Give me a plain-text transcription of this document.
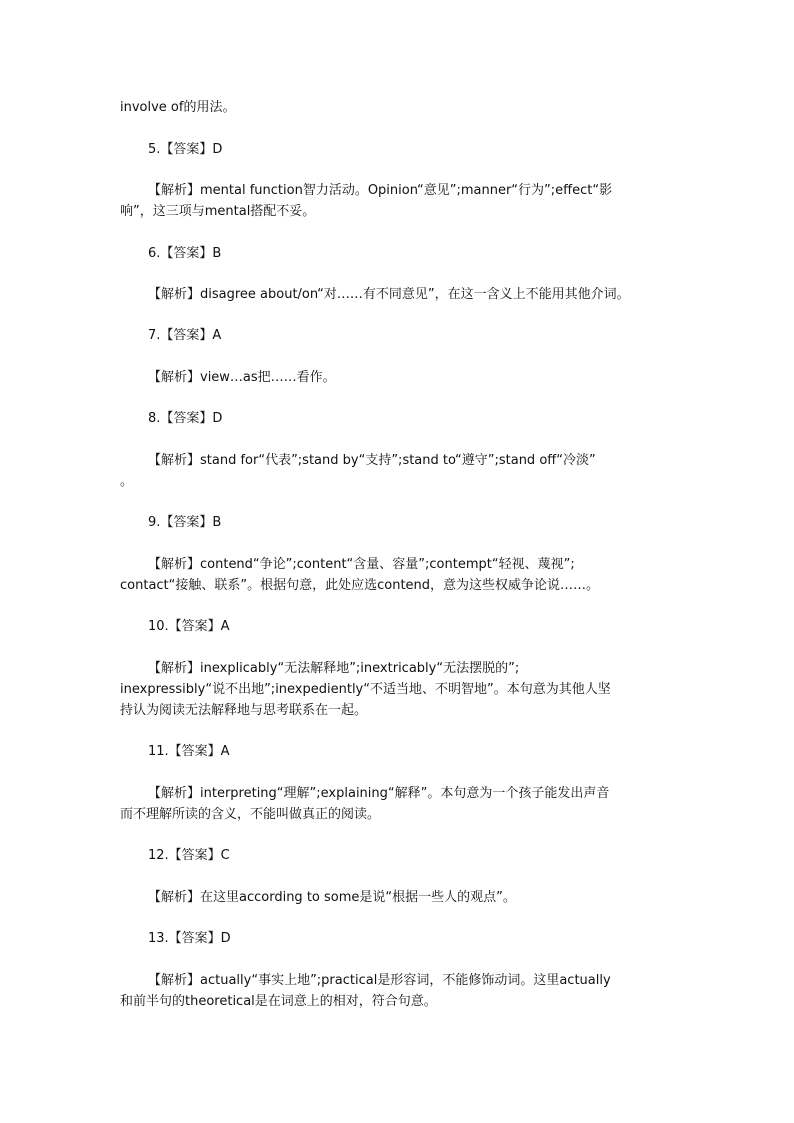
involve of的用法。
5.【答案】D
【解析】mental function智力活动。Opinion“意见”;manner“行为”;effect“影
响”，这三项与mental搭配不妥。
6.【答案】B
【解析】disagree about/on“对……有不同意见”，在这一含义上不能用其他介词。
7.【答案】A
【解析】view…as把……看作。
8.【答案】D
【解析】stand for“代表”;stand by“支持”;stand to“遵守”;stand off“冷淡”
。
9.【答案】B
【解析】contend“争论”;content“含量、容量”;contempt“轻视、蔑视”;
contact“接触、联系”。根据句意，此处应选contend，意为这些权威争论说……。
10.【答案】A
【解析】inexplicably“无法解释地”;inextricably“无法摆脱的”;
inexpressibly“说不出地”;inexpediently“不适当地、不明智地”。本句意为其他人坚
持认为阅读无法解释地与思考联系在一起。
11.【答案】A
【解析】interpreting“理解”;explaining“解释”。本句意为一个孩子能发出声音
而不理解所读的含义，不能叫做真正的阅读。
12.【答案】C
【解析】在这里according to some是说“根据一些人的观点”。
13.【答案】D
【解析】actually“事实上地”;practical是形容词，不能修饰动词。这里actually
和前半句的theoretical是在词意上的相对，符合句意。
